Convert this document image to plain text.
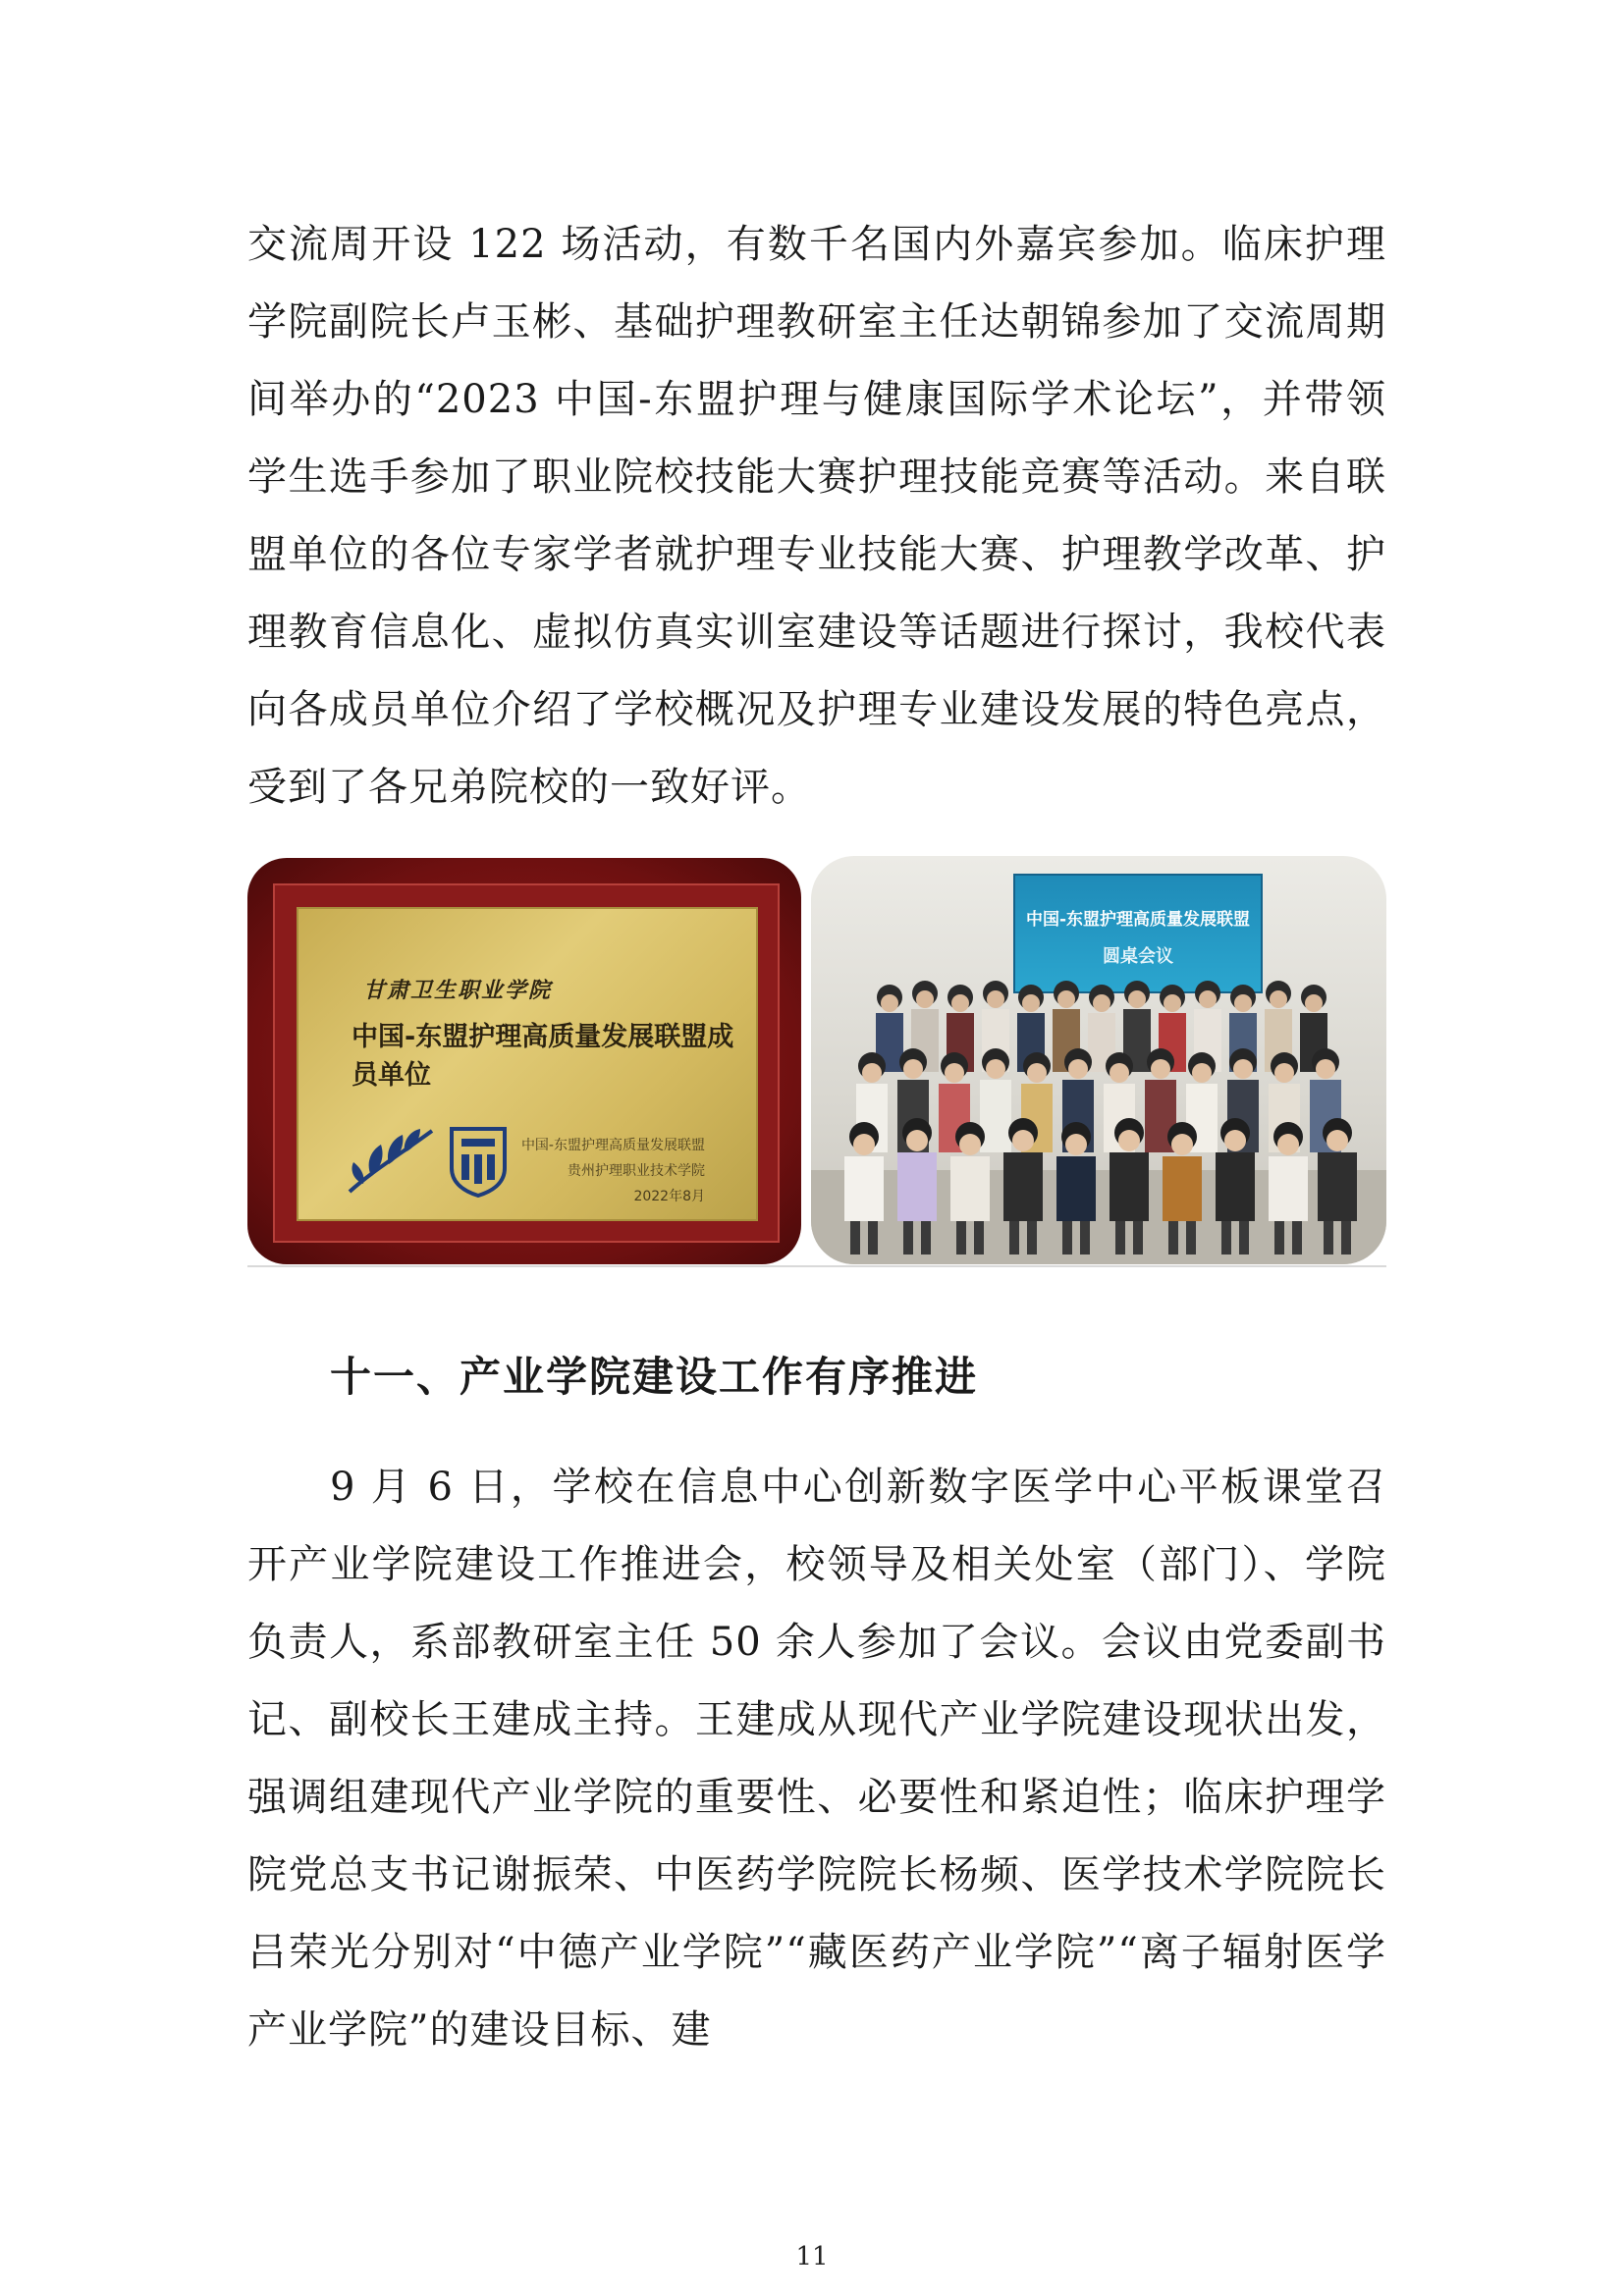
交流周开设 122 场活动，有数千名国内外嘉宾参加。临床护理学院副院长卢玉彬、基础护理教研室主任达朝锦参加了交流周期间举办的“2023 中国-东盟护理与健康国际学术论坛”，并带领学生选手参加了职业院校技能大赛护理技能竞赛等活动。来自联盟单位的各位专家学者就护理专业技能大赛、护理教学改革、护理教育信息化、虚拟仿真实训室建设等话题进行探讨，我校代表向各成员单位介绍了学校概况及护理专业建设发展的特色亮点，受到了各兄弟院校的一致好评。

甘肃卫生职业学院
中国-东盟护理高质量发展联盟成员单位
中国-东盟护理高质量发展联盟
贵州护理职业技术学院
2022年8月
中国-东盟护理高质量发展联盟
圆桌会议
十一、产业学院建设工作有序推进

9 月 6 日，学校在信息中心创新数字医学中心平板课堂召开产业学院建设工作推进会，校领导及相关处室（部门）、学院负责人，系部教研室主任 50 余人参加了会议。会议由党委副书记、副校长王建成主持。王建成从现代产业学院建设现状出发，强调组建现代产业学院的重要性、必要性和紧迫性；临床护理学院党总支书记谢振荣、中医药学院院长杨频、医学技术学院院长吕荣光分别对“中德产业学院”“藏医药产业学院”“离子辐射医学产业学院”的建设目标、建

11
